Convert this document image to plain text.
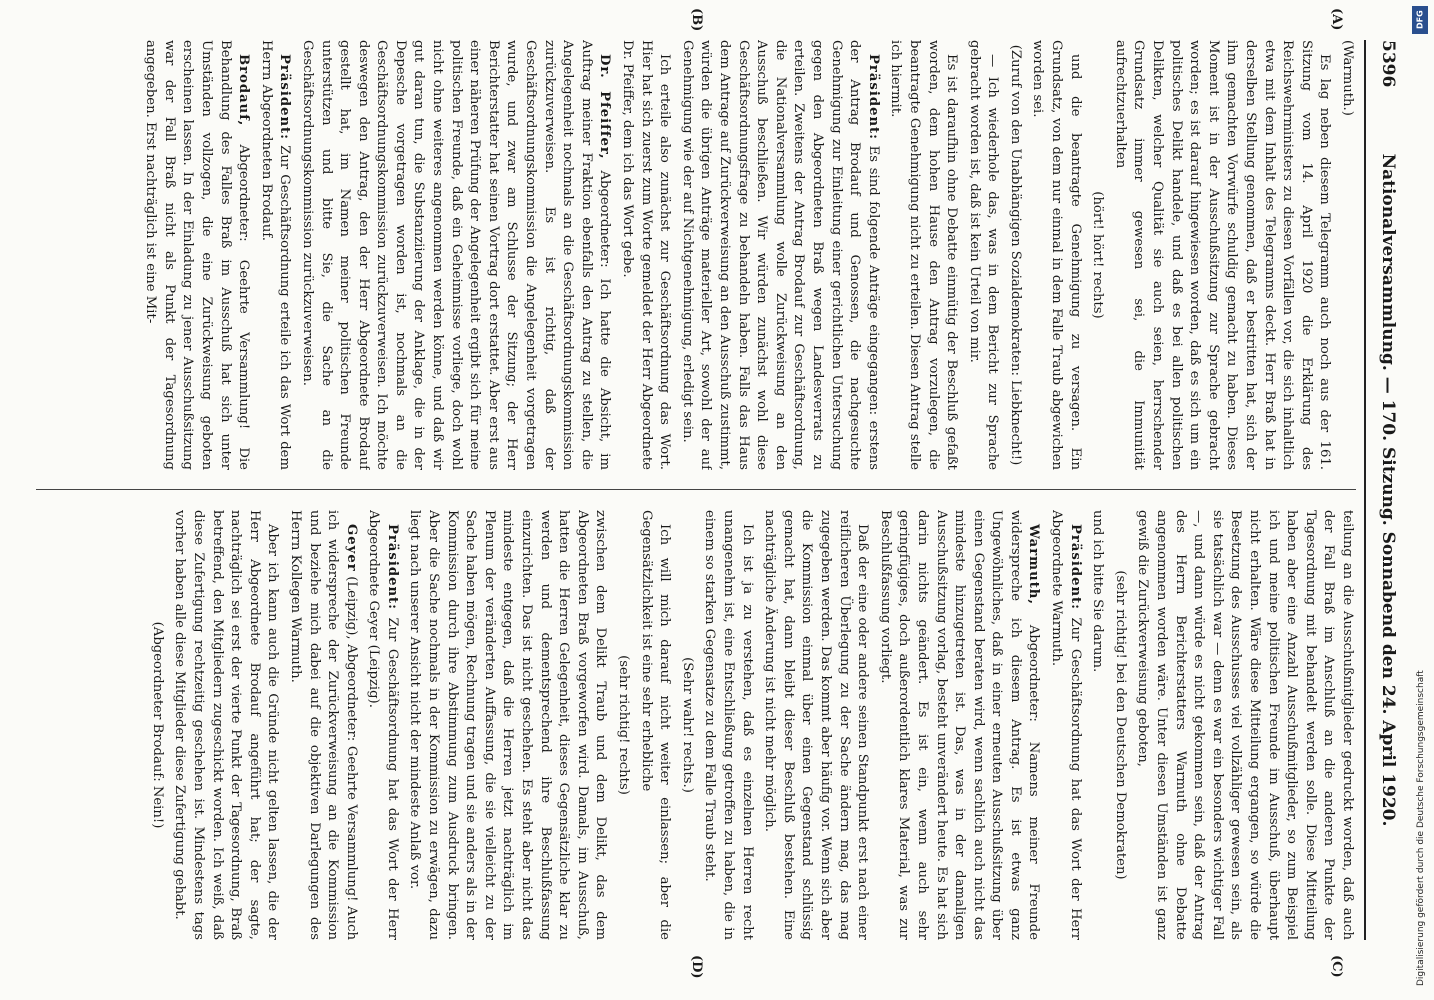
5396
Nationalversammlung. — 170. Sitzung. Sonnabend den 24. April 1920.
(A)
(B)
(C)
(D)

(Warmuth.)

Es lag neben diesem Telegramm auch noch aus der 161. Sitzung vom 14. April 1920 die Erklärung des Reichswehrministers zu diesen Vorfällen vor, die sich inhaltlich etwa mit dem Inhalt des Telegramms deckt. Herr Braß hat in derselben Stellung genommen, daß er bestritten hat, sich der ihm gemachten Vorwürfe schuldig gemacht zu haben. Dieses Moment ist in der Ausschußsitzung zur Sprache gebracht worden; es ist darauf hingewiesen worden, daß es sich um ein politisches Delikt handele, und daß es bei allen politischen Delikten, welcher Qualität sie auch seien, herrschender Grundsatz immer gewesen sei, die Immunität aufrechtzuerhalten

(hört! hört! rechts)

und die beantragte Genehmigung zu versagen. Ein Grundsatz, von dem nur einmal in dem Falle Traub abgewichen worden sei.

(Zuruf von den Unabhängigen Sozialdemokraten: Liebknecht!)

— Ich wiederhole das, was in dem Bericht zur Sprache gebracht worden ist, daß ist kein Urteil von mir.

Es ist daraufhin ohne Debatte einmütig der Beschluß gefaßt worden, dem hohen Hause den Antrag vorzulegen, die beantragte Genehmigung nicht zu erteilen. Diesen Antrag stelle ich hiermit.

Präsident: Es sind folgende Anträge eingegangen: erstens der Antrag Brodauf und Genossen, die nachgesuchte Genehmigung zur Einleitung einer gerichtlichen Untersuchung gegen den Abgeordneten Braß wegen Landesverrats zu erteilen. Zweitens der Antrag Brodauf zur Geschäftsordnung, die Nationalversammlung wolle Zurückweisung an den Ausschuß beschließen. Wir würden zunächst wohl diese Geschäftsordnungsfrage zu behandeln haben. Falls das Haus dem Antrage auf Zurückverweisung an den Ausschuß zustimmt, würden die übrigen Anträge materieller Art, sowohl der auf Genehmigung wie der auf Nichtgenehmigung, erledigt sein.

Ich erteile also zunächst zur Geschäftsordnung das Wort. Hier hat sich zuerst zum Worte gemeldet der Herr Abgeordnete Dr. Pfeiffer, dem ich das Wort gebe.

Dr. Pfeiffer, Abgeordneter: Ich hatte die Absicht, im Auftrag meiner Fraktion ebenfalls den Antrag zu stellen, die Angelegenheit nochmals an die Geschäftsordnungskommission zurückzuverweisen. Es ist richtig, daß der Geschäftsordnungskommission die Angelegenheit vorgetragen wurde, und zwar am Schlusse der Sitzung; der Herr Berichterstatter hat seinen Vortrag dort erstattet. Aber erst aus einer näheren Prüfung der Angelegenheit ergibt sich für meine politischen Freunde, daß ein Geheimnisse vorliege, doch wohl nicht ohne weiteres angenommen werden könne, und daß wir gut daran tun, die Substanziierung der Anklage, die in der Depesche vorgetragen worden ist, nochmals an die Geschäftsordnungskommission zurückzuverweisen. Ich möchte deswegen den Antrag, den der Herr Abgeordnete Brodauf gestellt hat, im Namen meiner politischen Freunde unterstützen und bitte Sie, die Sache an die Geschäftsordnungskommission zurückzuverweisen.

Präsident: Zur Geschäftsordnung erteile ich das Wort dem Herrn Abgeordneten Brodauf.

Brodauf, Abgeordneter: Geehrte Versammlung! Die Behandlung des Falles Braß im Ausschuß hat sich unter Umständen vollzogen, die eine Zurückweisung geboten erscheinen lassen. In der Einladung zu jener Ausschußsitzung war der Fall Braß nicht als Punkt der Tagesordnung angegeben. Erst nachträglich ist eine Mit-

teilung an die Ausschußmitglieder gedruckt worden, daß auch der Fall Braß im Anschluß an die anderen Punkte der Tagesordnung mit behandelt werden solle. Diese Mitteilung haben aber eine Anzahl Ausschußmitglieder, so zum Beispiel ich und meine politischen Freunde im Ausschuß, überhaupt nicht erhalten. Wäre diese Mitteilung ergangen, so würde die Besetzung des Ausschusses viel vollzähliger gewesen sein, als sie tatsächlich war — denn es war ein besonders wichtiger Fall —, und dann würde es nicht gekommen sein, daß der Antrag des Herrn Berichterstatters Warmuth ohne Debatte angenommen worden wäre. Unter diesen Umständen ist ganz gewiß die Zurückverweisung geboten,

(sehr richtig! bei den Deutschen Demokraten)

und ich bitte Sie darum.

Präsident: Zur Geschäftsordnung hat das Wort der Herr Abgeordnete Warmuth.

Warmuth, Abgeordneter: Namens meiner Freunde widerspreche ich diesem Antrag. Es ist etwas ganz Ungewöhnliches, daß in einer erneuten Ausschußsitzung über einen Gegenstand beraten wird, wenn sachlich auch nicht das mindeste hinzugetreten ist. Das, was in der damaligen Ausschußsitzung vorlag, besteht unverändert heute. Es hat sich darin nichts geändert. Es ist ein, wenn auch sehr geringfügiges, doch außerordentlich klares Material, was zur Beschlußfassung vorliegt.

Daß der eine oder andere seinen Standpunkt erst nach einer reiflicheren Überlegung zu der Sache ändern mag, das mag zugegeben werden. Das kommt aber häufig vor. Wenn sich aber die Kommission einmal über einen Gegenstand schlüssig gemacht hat, dann bleibt dieser Beschluß bestehen. Eine nachträgliche Änderung ist nicht mehr möglich.

Ich ist ja zu verstehen, daß es einzelnen Herren recht unangenehm ist, eine Entschließung getroffen zu haben, die in einem so starken Gegensatze zu dem Falle Traub steht.

(Sehr wahr! rechts.)

Ich will mich darauf nicht weiter einlassen; aber die Gegensätzlichkeit ist eine sehr erhebliche

(sehr richtig! rechts)

zwischen dem Delikt Traub und dem Delikt, das dem Abgeordneten Braß vorgeworfen wird. Damals, im Ausschuß, hatten die Herren Gelegenheit, dieses Gegensätzliche klar zu werden und dementsprechend ihre Beschlußfassung einzurichten. Das ist nicht geschehen. Es steht aber nicht das mindeste entgegen, daß die Herren jetzt nachträglich im Plenum der veränderten Auffassung, die sie vielleicht zu der Sache haben mögen, Rechnung tragen und sie anders als in der Kommission durch ihre Abstimmung zum Ausdruck bringen. Aber die Sache nochmals in der Kommission zu erwägen, dazu liegt nach unserer Ansicht nicht der mindeste Anlaß vor.

Präsident: Zur Geschäftsordnung hat das Wort der Herr Abgeordnete Geyer (Leipzig).

Geyer (Leipzig), Abgeordneter: Geehrte Versammlung! Auch ich widerspreche der Zurückverweisung an die Kommission und beziehe mich dabei auf die objektiven Darlegungen des Herrn Kollegen Warmuth.

Aber ich kann auch die Gründe nicht gelten lassen, die der Herr Abgeordnete Brodauf angeführt hat; der sagte, nachträglich sei erst der vierte Punkt der Tagesordnung, Braß betreffend, den Mitgliedern zugeschickt worden. Ich weiß, daß diese Zufertigung rechtzeitig geschehen ist. Mindestens tags vorher haben alle diese Mitglieder diese Zufertigung gehabt.

(Abgeordneter Brodauf: Nein!)

DFG
Digitalisierung gefördert durch die Deutsche Forschungsgemeinschaft
